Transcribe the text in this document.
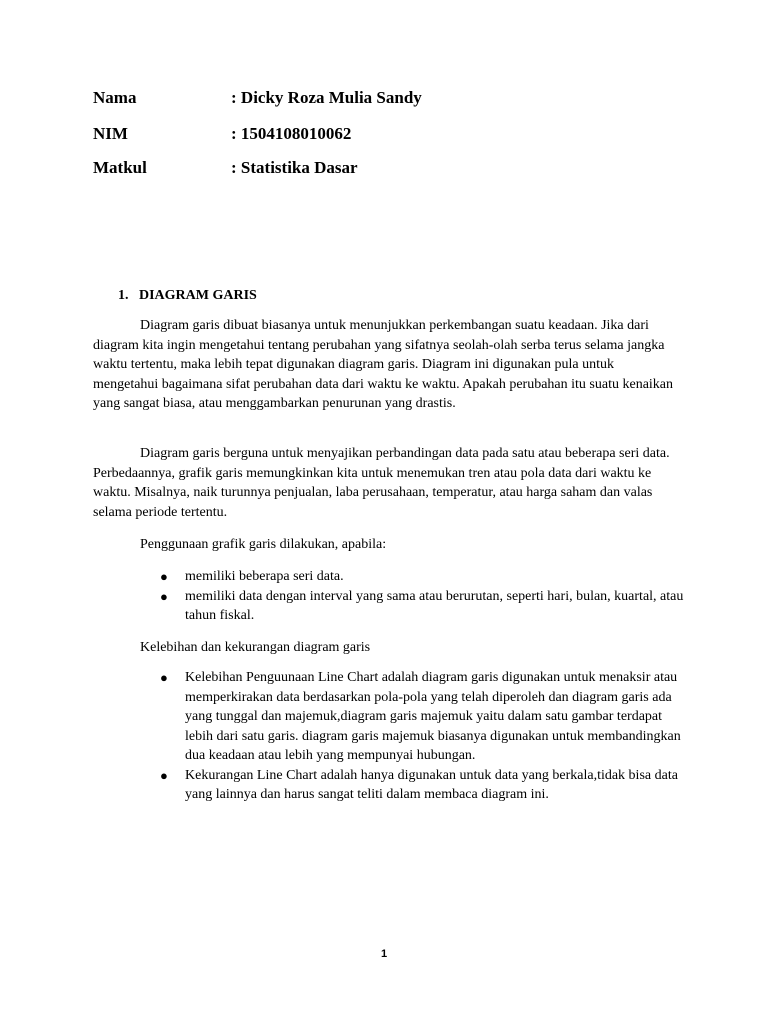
Nama	: Dicky Roza Mulia Sandy
NIM	: 1504108010062
Matkul	: Statistika Dasar
1. DIAGRAM GARIS
Diagram garis dibuat biasanya untuk menunjukkan perkembangan suatu keadaan. Jika dari diagram kita ingin mengetahui tentang perubahan yang sifatnya seolah-olah serba terus selama jangka waktu tertentu, maka lebih tepat digunakan diagram garis. Diagram ini digunakan pula untuk mengetahui bagaimana sifat perubahan data dari waktu ke waktu. Apakah perubahan itu suatu kenaikan yang sangat biasa, atau menggambarkan penurunan yang drastis.
Diagram garis berguna untuk menyajikan perbandingan data pada satu atau beberapa seri data. Perbedaannya, grafik garis memungkinkan kita untuk menemukan tren atau pola data dari waktu ke waktu. Misalnya, naik turunnya penjualan, laba perusahaan, temperatur, atau harga saham dan valas selama periode tertentu.
Penggunaan grafik garis dilakukan, apabila:
● memiliki beberapa seri data.
● memiliki data dengan interval yang sama atau berurutan, seperti hari, bulan, kuartal, atau tahun fiskal.
Kelebihan dan kekurangan diagram garis
● Kelebihan Penguunaan Line Chart adalah diagram garis digunakan untuk menaksir atau memperkirakan data berdasarkan pola-pola yang telah diperoleh dan diagram garis ada yang tunggal dan majemuk,diagram garis majemuk yaitu dalam satu gambar terdapat lebih dari satu garis. diagram garis majemuk biasanya digunakan untuk membandingkan dua keadaan atau lebih yang mempunyai hubungan.
● Kekurangan Line Chart adalah hanya digunakan untuk data yang berkala,tidak bisa data yang lainnya dan harus sangat teliti dalam membaca diagram ini.
1
